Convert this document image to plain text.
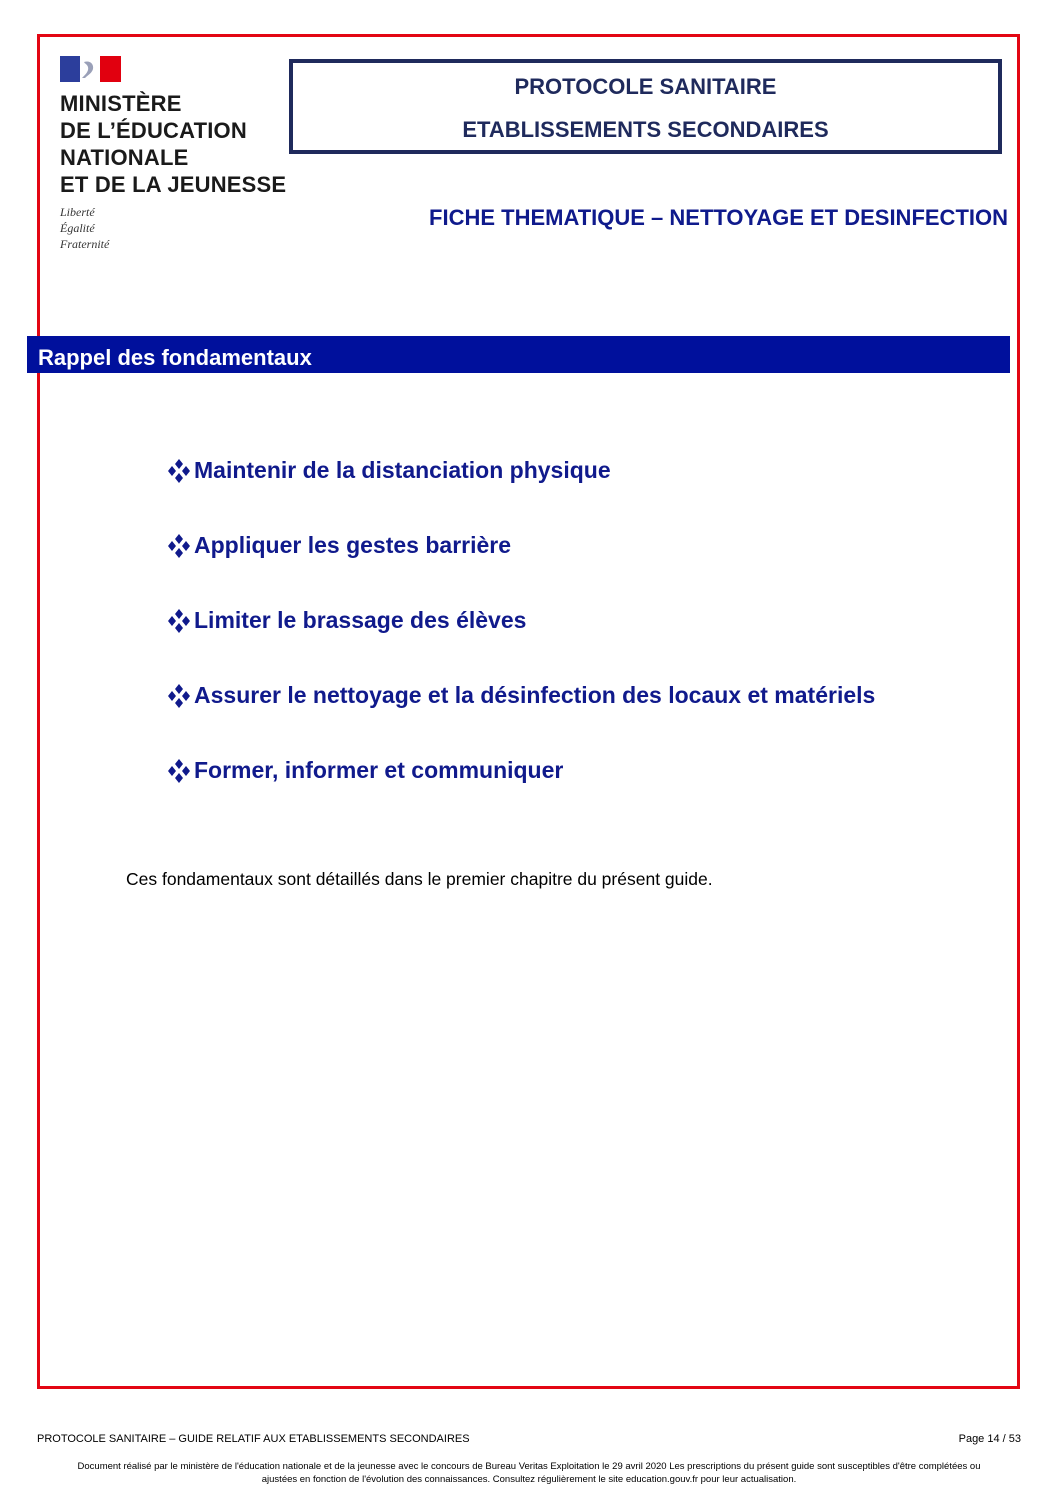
MINISTÈRE
DE L’ÉDUCATION
NATIONALE
ET DE LA JEUNESSE
Liberté
Égalité
Fraternité
PROTOCOLE SANITAIRE
ETABLISSEMENTS SECONDAIRES
FICHE THEMATIQUE – NETTOYAGE ET DESINFECTION
Rappel des fondamentaux
Maintenir de la distanciation physique
Appliquer les gestes barrière
Limiter le brassage des élèves
Assurer le nettoyage et la désinfection des locaux et matériels
Former, informer et communiquer
Ces fondamentaux sont détaillés dans le premier chapitre du présent guide.
PROTOCOLE SANITAIRE – GUIDE RELATIF AUX ETABLISSEMENTS SECONDAIRES	Page 14 / 53
Document réalisé par le ministère de l'éducation nationale et de la jeunesse avec le concours de Bureau Veritas Exploitation le 29 avril 2020 Les prescriptions du présent guide sont susceptibles d'être complétées ou
ajustées en fonction de l'évolution des connaissances. Consultez régulièrement le site education.gouv.fr pour leur actualisation.
